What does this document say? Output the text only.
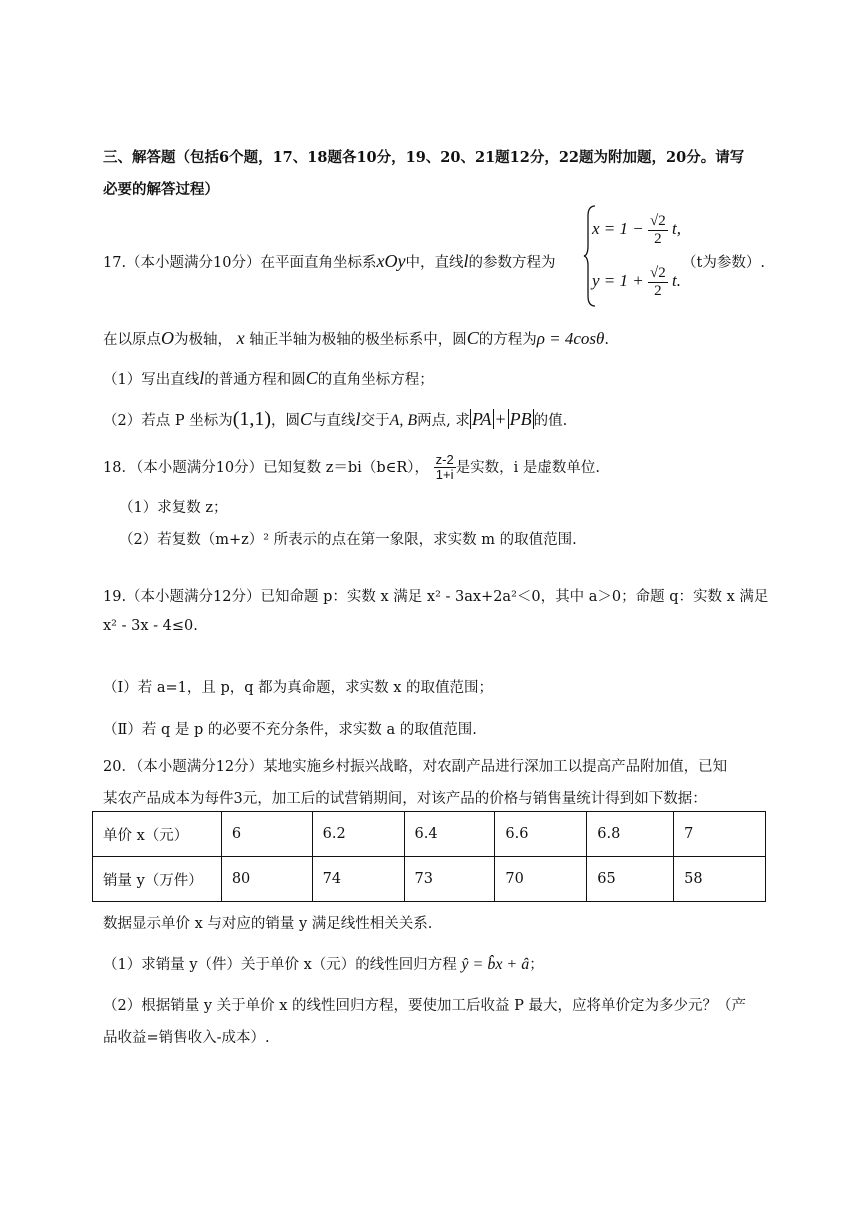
三、解答题（包括6个题，17、18题各10分，19、20、21题12分，22题为附加题，20分。请写
必要的解答过程）
17.（本小题满分10分）在平面直角坐标系xOy中，直线l的参数方程为
$x = 1 - \frac{√2}{2} t$,
$y = 1 + \frac{√2}{2} t$.
（t为参数）.
在以原点O为极轴， x 轴正半轴为极轴的极坐标系中，圆C的方程为ρ = 4cosθ.
（1）写出直线l的普通方程和圆C的直角坐标方程；
（2）若点 P 坐标为(1,1)，圆C与直线l交于A, B两点, 求 PA + PB 的值.
18．（本小题满分10分）已知复数 z＝bi（b∈R）， $\frac{z-2}{1+i}$ 是实数，i 是虚数单位.
（1）求复数 z；
（2）若复数（m+z）² 所表示的点在第一象限，求实数 m 的取值范围.
19.（本小题满分12分）已知命题 p：实数 x 满足 x² - 3ax+2a²＜0，其中 a＞0；命题 q：实数 x 满足
x² - 3x - 4≤0.
（Ⅰ）若 a=1，且 p，q 都为真命题，求实数 x 的取值范围；
（Ⅱ）若 q 是 p 的必要不充分条件，求实数 a 的取值范围.
20．（本小题满分12分）某地实施乡村振兴战略，对农副产品进行深加工以提高产品附加值，已知
某农产品成本为每件3元，加工后的试营销期间，对该产品的价格与销售量统计得到如下数据：
单价 x（元）	6	6.2	6.4	6.6	6.8	7
销量 y（万件）	80	74	73	70	65	58
数据显示单价 x 与对应的销量 y 满足线性相关关系.
（1）求销量 y（件）关于单价 x（元）的线性回归方程 ŷ = b̂x + â；
（2）根据销量 y 关于单价 x 的线性回归方程，要使加工后收益 P 最大，应将单价定为多少元？（产
品收益=销售收入-成本）.
